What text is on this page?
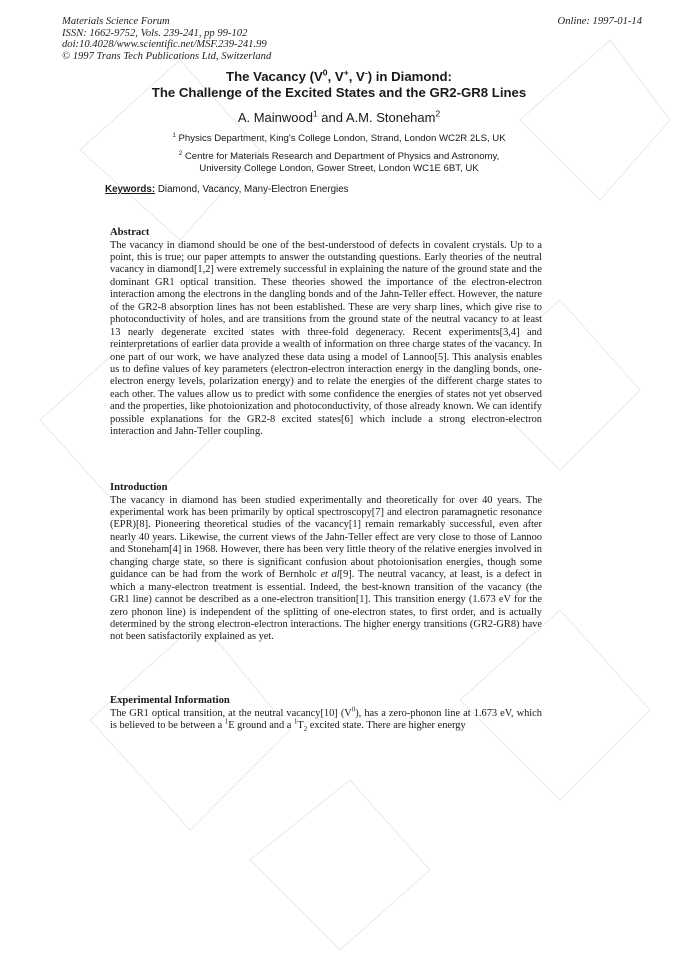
Materials Science Forum
ISSN: 1662-9752, Vols. 239-241, pp 99-102
doi:10.4028/www.scientific.net/MSF.239-241.99
© 1997 Trans Tech Publications Ltd, Switzerland
Online: 1997-01-14
The Vacancy ($V^0$, V+, V-) in Diamond:
The Challenge of the Excited States and the GR2-GR8 Lines
A. Mainwood$^1$ and A.M. Stoneham$^2$
$^1$ Physics Department, King's College London, Strand, London WC2R 2LS, UK
$^2$ Centre for Materials Research and Department of Physics and Astronomy,
University College London, Gower Street, London WC1E 6BT, UK
Keywords: Diamond, Vacancy, Many-Electron Energies
Abstract

The vacancy in diamond should be one of the best-understood of defects in covalent crystals. Up to a point, this is true; our paper attempts to answer the outstanding questions. Early theories of the neutral vacancy in diamond[1,2] were extremely successful in explaining the nature of the ground state and the dominant GR1 optical transition. These theories showed the importance of the electron-electron interaction among the electrons in the dangling bonds and of the Jahn-Teller effect. However, the nature of the GR2-8 absorption lines has not been established. These are very sharp lines, which give rise to photoconductivity of holes, and are transitions from the ground state of the neutral vacancy to at least 13 nearly degenerate excited states with three-fold degeneracy. Recent experiments[3,4] and reinterpretations of earlier data provide a wealth of information on three charge states of the vacancy. In one part of our work, we have analyzed these data using a model of Lannoo[5]. This analysis enables us to define values of key parameters (electron-electron interaction energy in the dangling bonds, one-electron energy levels, polarization energy) and to relate the energies of the different charge states to each other. The values allow us to predict with some confidence the energies of states not yet observed and the properties, like photoionization and photoconductivity, of those already known. We can identify possible explanations for the GR2-8 excited states[6] which include a strong electron-electron interaction and Jahn-Teller coupling.

Introduction

The vacancy in diamond has been studied experimentally and theoretically for over 40 years. The experimental work has been primarily by optical spectroscopy[7] and electron paramagnetic resonance (EPR)[8]. Pioneering theoretical studies of the vacancy[1] remain remarkably successful, even after nearly 40 years. Likewise, the current views of the Jahn-Teller effect are very close to those of Lannoo and Stoneham[4] in 1968. However, there has been very little theory of the relative energies involved in changing charge state, so there is significant confusion about photoionisation energies, though some guidance can be had from the work of Bernholc et al[9]. The neutral vacancy, at least, is a defect in which a many-electron treatment is essential. Indeed, the best-known transition of the vacancy (the GR1 line) cannot be described as a one-electron transition[1]. This transition energy (1.673 eV for the zero phonon line) is independent of the splitting of one-electron states, to first order, and is actually determined by the strong electron-electron interactions. The higher energy transitions (GR2-GR8) have not been satisfactorily explained as yet.

Experimental Information

The GR1 optical transition, at the neutral vacancy[10] $(V^0)$, has a zero-phonon line at 1.673 eV, which is believed to be between a $^1$E ground and a $^1T_2$ excited state. There are higher energy
